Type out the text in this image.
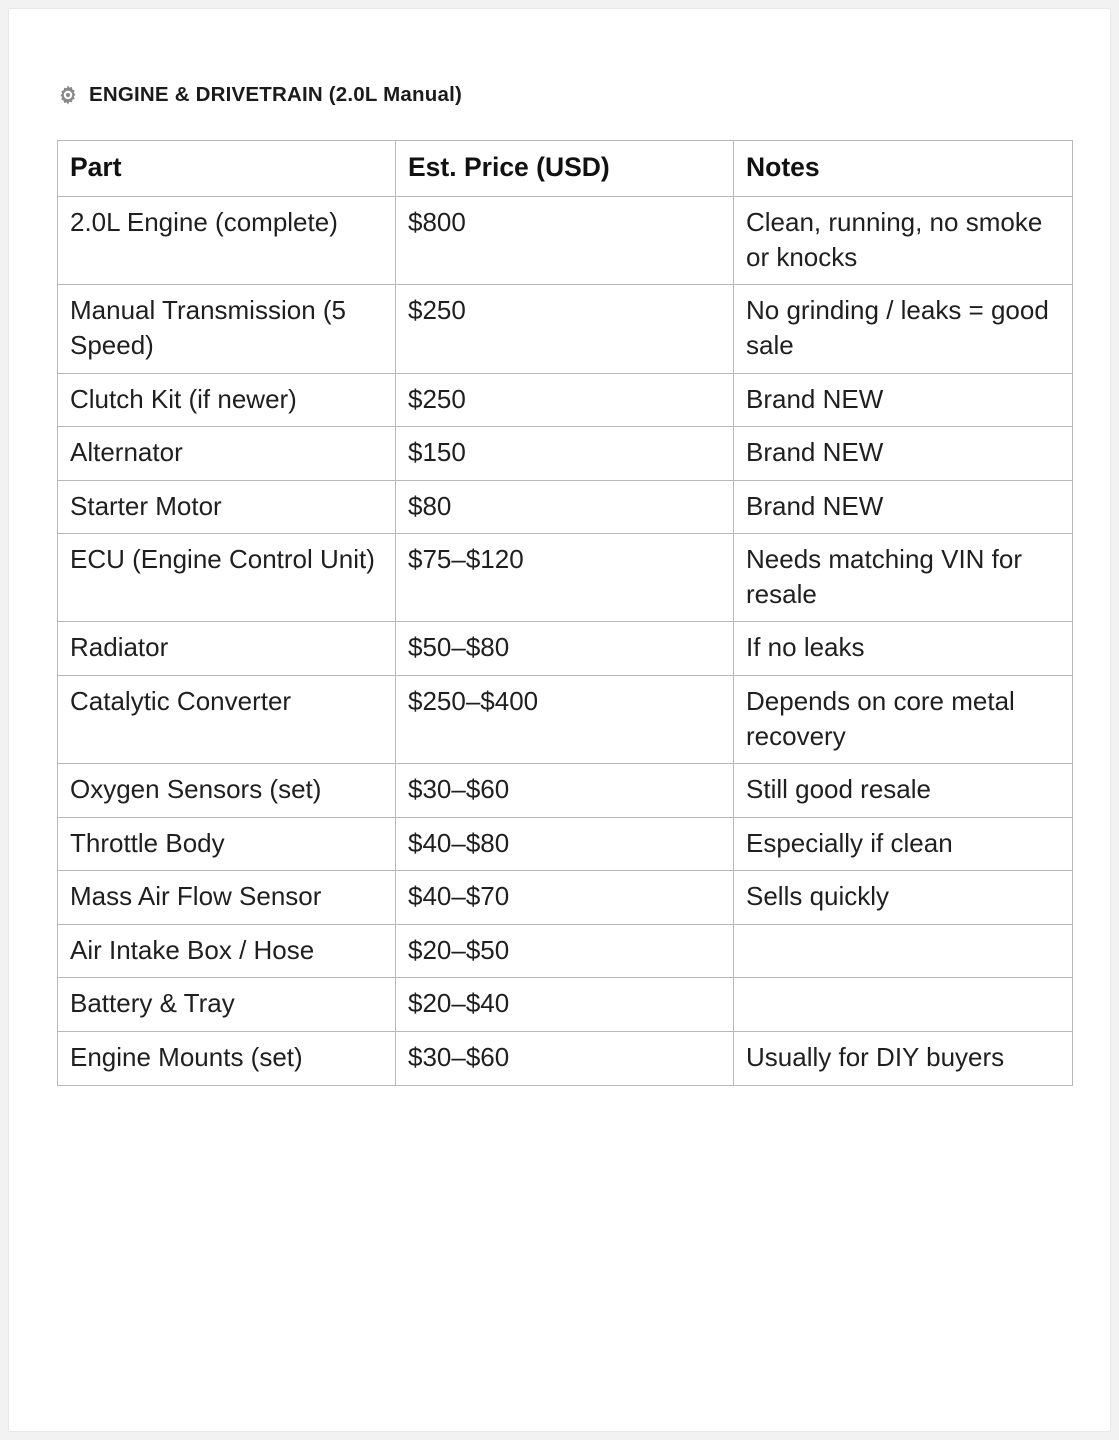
ENGINE & DRIVETRAIN (2.0L Manual)
Part	Est. Price (USD)	Notes
2.0L Engine (complete)	$800	Clean, running, no smoke or knocks
Manual Transmission (5 Speed)	$250	No grinding / leaks = good sale
Clutch Kit (if newer)	$250	Brand NEW
Alternator	$150	Brand NEW
Starter Motor	$80	Brand NEW
ECU (Engine Control Unit)	$75–$120	Needs matching VIN for resale
Radiator	$50–$80	If no leaks
Catalytic Converter	$250–$400	Depends on core metal recovery
Oxygen Sensors (set)	$30–$60	Still good resale
Throttle Body	$40–$80	Especially if clean
Mass Air Flow Sensor	$40–$70	Sells quickly
Air Intake Box / Hose	$20–$50	
Battery & Tray	$20–$40	
Engine Mounts (set)	$30–$60	Usually for DIY buyers
